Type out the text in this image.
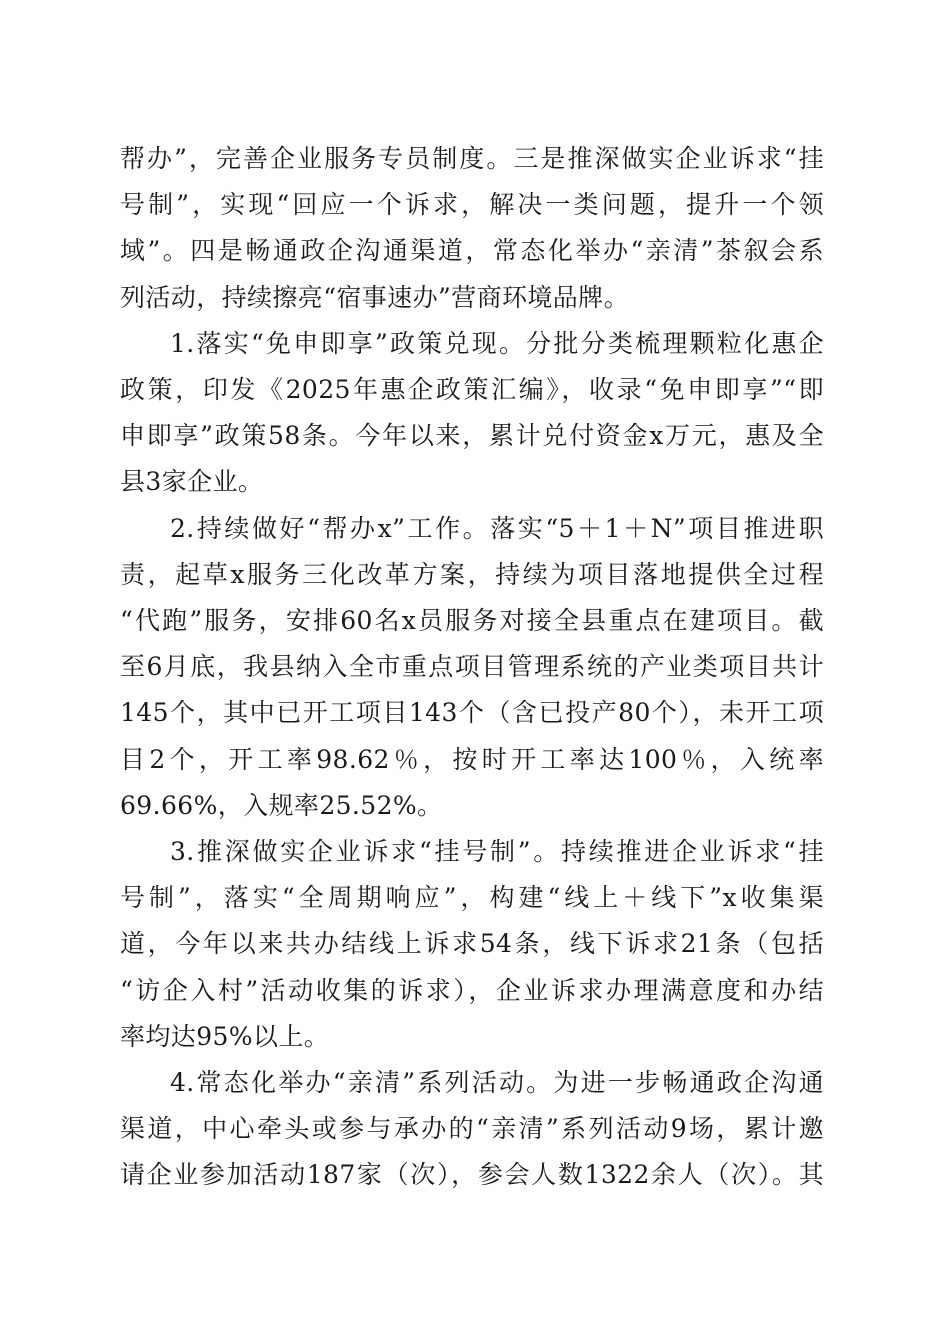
帮办”，完善企业服务专员制度。三是推深做实企业诉求“挂
号制”，实现“回应一个诉求，解决一类问题，提升一个领
域”。四是畅通政企沟通渠道，常态化举办“亲清”茶叙会系
列活动，持续擦亮“宿事速办”营商环境品牌。

1.落实“免申即享”政策兑现。分批分类梳理颗粒化惠企
政策，印发《2025年惠企政策汇编》，收录“免申即享”“即
申即享”政策58条。今年以来，累计兑付资金x万元，惠及全
县3家企业。

2.持续做好“帮办x”工作。落实“5＋1＋N”项目推进职
责，起草x服务三化改革方案，持续为项目落地提供全过程
“代跑”服务，安排60名x员服务对接全县重点在建项目。截
至6月底，我县纳入全市重点项目管理系统的产业类项目共计
145个，其中已开工项目143个（含已投产80个），未开工项
目2个，开工率98.62％，按时开工率达100％，入统率
69.66%，入规率25.52%。

3.推深做实企业诉求“挂号制”。持续推进企业诉求“挂
号制”，落实“全周期响应”，构建“线上＋线下”x收集渠
道，今年以来共办结线上诉求54条，线下诉求21条（包括
“访企入村”活动收集的诉求），企业诉求办理满意度和办结
率均达95%以上。

4.常态化举办“亲清”系列活动。为进一步畅通政企沟通
渠道，中心牵头或参与承办的“亲清”系列活动9场，累计邀
请企业参加活动187家（次），参会人数1322余人（次）。其
